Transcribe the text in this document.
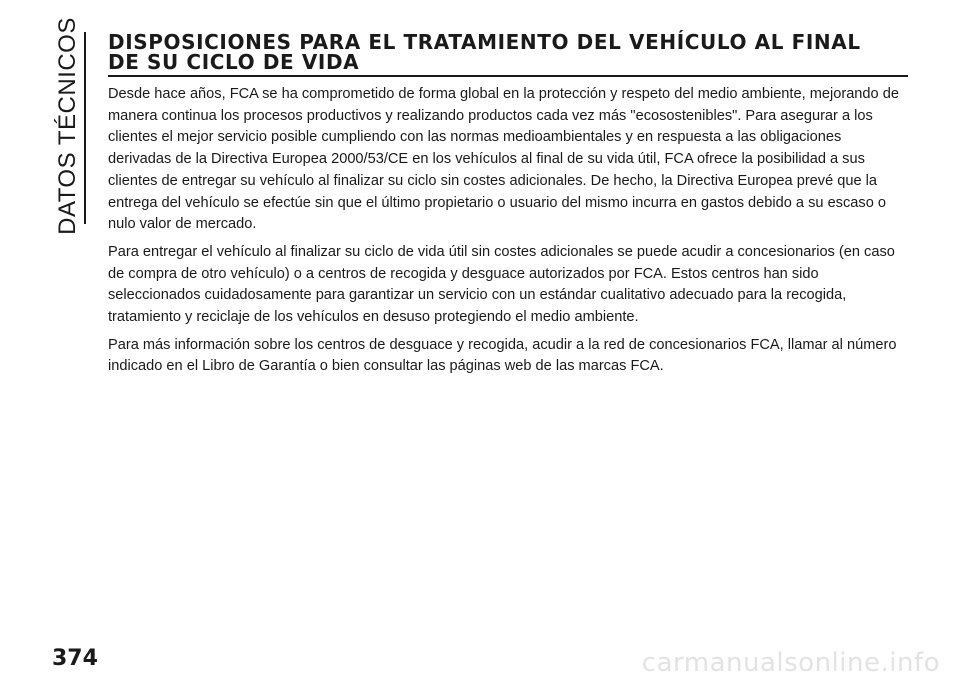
DATOS TÉCNICOS DISPOSICIONES PARA EL TRATAMIENTO DEL VEHÍCULO AL FINAL
DE SU CICLO DE VIDA

Desde hace años, FCA se ha comprometido de forma global en la protección y respeto del medio ambiente, mejorando de manera continua los procesos productivos y realizando productos cada vez más "ecosostenibles". Para asegurar a los clientes el mejor servicio posible cumpliendo con las normas medioambientales y en respuesta a las obligaciones derivadas de la Directiva Europea 2000/53/CE en los vehículos al final de su vida útil, FCA ofrece la posibilidad a sus clientes de entregar su vehículo al finalizar su ciclo sin costes adicionales. De hecho, la Directiva Europea prevé que la entrega del vehículo se efectúe sin que el último propietario o usuario del mismo incurra en gastos debido a su escaso o nulo valor de mercado.

Para entregar el vehículo al finalizar su ciclo de vida útil sin costes adicionales se puede acudir a concesionarios (en caso de compra de otro vehículo) o a centros de recogida y desguace autorizados por FCA. Estos centros han sido seleccionados cuidadosamente para garantizar un servicio con un estándar cualitativo adecuado para la recogida, tratamiento y reciclaje de los vehículos en desuso protegiendo el medio ambiente.

Para más información sobre los centros de desguace y recogida, acudir a la red de concesionarios FCA, llamar al número indicado en el Libro de Garantía o bien consultar las páginas web de las marcas FCA.

374	carmanualsonline.info
